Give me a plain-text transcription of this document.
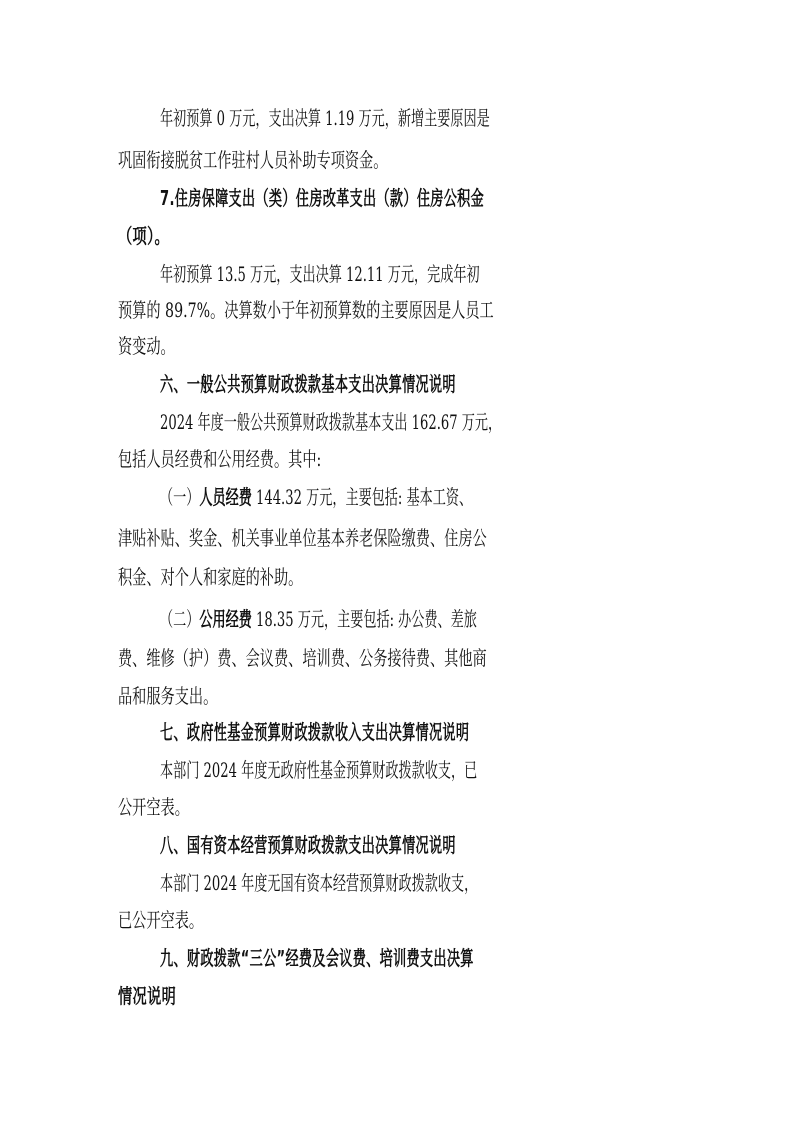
年初预算 0 万元，支出决算 1.19 万元，新增主要原因是
巩固衔接脱贫工作驻村人员补助专项资金。
7.住房保障支出（类）住房改革支出（款）住房公积金
（项）。
年初预算 13.5 万元，支出决算 12.11 万元，完成年初
预算的 89.7%。决算数小于年初预算数的主要原因是人员工
资变动。
六、一般公共预算财政拨款基本支出决算情况说明
2024 年度一般公共预算财政拨款基本支出 162.67 万元，
包括人员经费和公用经费。其中:
（一）人员经费 144.32 万元，主要包括: 基本工资、
津贴补贴、奖金、机关事业单位基本养老保险缴费、住房公
积金、对个人和家庭的补助。
（二）公用经费 18.35 万元，主要包括: 办公费、差旅
费、维修（护）费、会议费、培训费、公务接待费、其他商
品和服务支出。
七、政府性基金预算财政拨款收入支出决算情况说明
本部门 2024 年度无政府性基金预算财政拨款收支，已
公开空表。
八、国有资本经营预算财政拨款支出决算情况说明
本部门 2024 年度无国有资本经营预算财政拨款收支，
已公开空表。
九、财政拨款“三公”经费及会议费、培训费支出决算
情况说明
